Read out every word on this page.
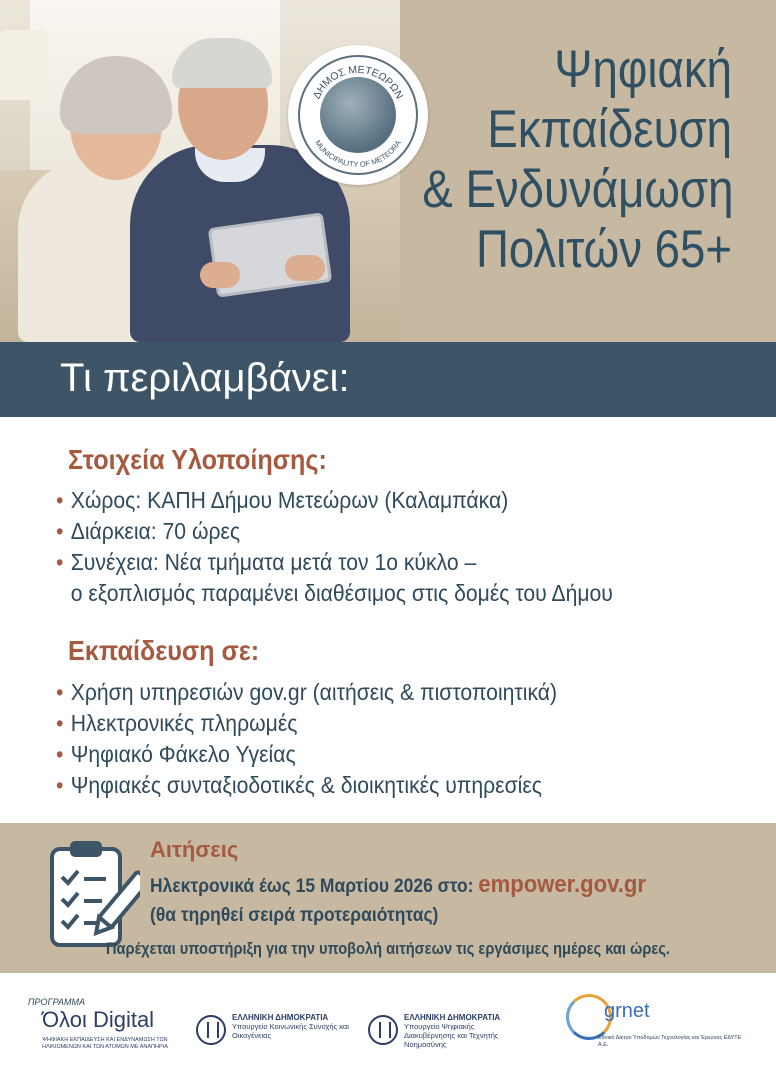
ΔΗΜΟΣ ΜΕΤΕΩΡΩΝ
MUNICIPALITY OF METEORA
Ψηφιακή
Εκπαίδευση
& Ενδυνάμωση
Πολιτών 65+
Τι περιλαμβάνει:
Στοιχεία Υλοποίησης:
• Χώρος: ΚΑΠΗ Δήμου Μετεώρων (Καλαμπάκα)
• Διάρκεια: 70 ώρες
• Συνέχεια: Νέα τμήματα μετά τον 1ο κύκλο –
ο εξοπλισμός παραμένει διαθέσιμος στις δομές του Δήμου
Εκπαίδευση σε:
• Χρήση υπηρεσιών gov.gr (αιτήσεις & πιστοποιητικά)
• Ηλεκτρονικές πληρωμές
• Ψηφιακό Φάκελο Υγείας
• Ψηφιακές συνταξιοδοτικές & διοικητικές υπηρεσίες
Αιτήσεις
Ηλεκτρονικά έως 15 Μαρτίου 2026 στο: empower.gov.gr
(θα τηρηθεί σειρά προτεραιότητας)
Παρέχεται υποστήριξη για την υποβολή αιτήσεων τις εργάσιμες ημέρες και ώρες.
ΠΡΟΓΡΑΜΜΑ
Όλοι Digital
ΨΗΦΙΑΚΗ ΕΚΠΑΙΔΕΥΣΗ ΚΑΙ ΕΝΔΥΝΑΜΩΣΗ ΤΩΝ ΗΛΙΚΙΩΜΕΝΩΝ ΚΑΙ ΤΩΝ ΑΤΟΜΩΝ ΜΕ ΑΝΑΠΗΡΙΑ
ΕΛΛΗΝΙΚΗ ΔΗΜΟΚΡΑΤΙΑ
Υπουργείο Κοινωνικής Συνοχής και Οικογένειας
ΕΛΛΗΝΙΚΗ ΔΗΜΟΚΡΑΤΙΑ
Υπουργείο Ψηφιακής Διακυβέρνησης και Τεχνητής Νοημοσύνης
grnet
Εθνικό Δίκτυο Υποδομών Τεχνολογίας και Έρευνας ΕΔΥΤΕ Α.Ε.
